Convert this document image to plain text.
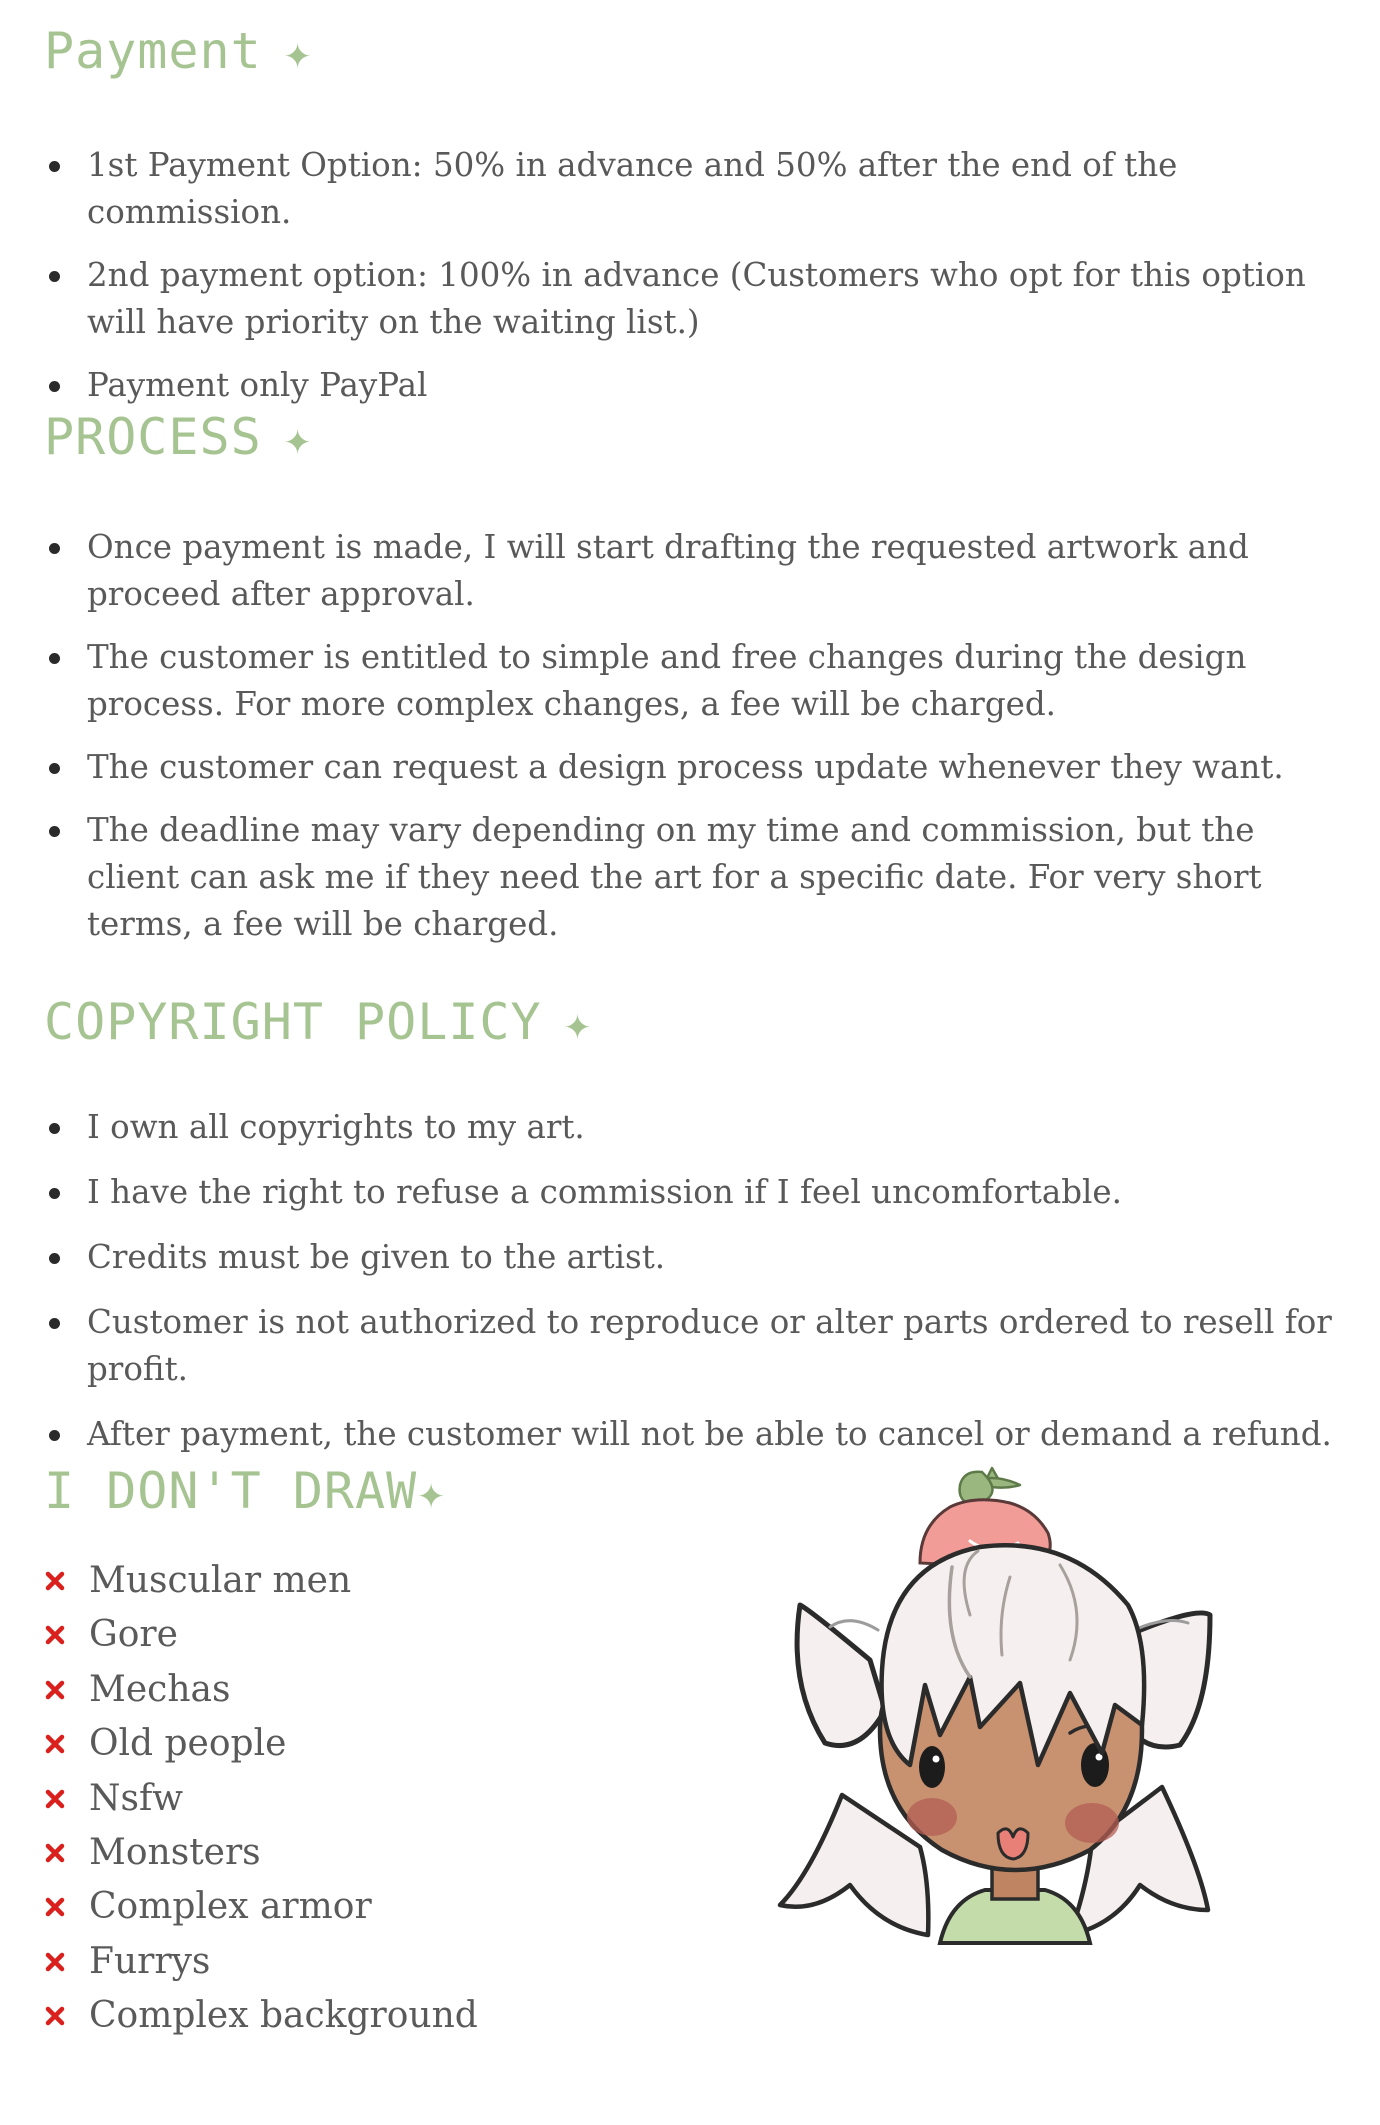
Payment ✦
1st Payment Option: 50% in advance and 50% after the end of the commission.
2nd payment option: 100% in advance (Customers who opt for this option will have priority on the waiting list.)
Payment only PayPal
PROCESS ✦
Once payment is made, I will start drafting the requested artwork and proceed after approval.
The customer is entitled to simple and free changes during the design process. For more complex changes, a fee will be charged.
The customer can request a design process update whenever they want.
The deadline may vary depending on my time and commission, but the client can ask me if they need the art for a specific date. For very short terms, a fee will be charged.
COPYRIGHT POLICY ✦
I own all copyrights to my art.
I have the right to refuse a commission if I feel uncomfortable.
Credits must be given to the artist.
Customer is not authorized to reproduce or alter parts ordered to resell for profit.
After payment, the customer will not be able to cancel or demand a refund.
I DON'T DRAW✦
Muscular men
Gore
Mechas
Old people
Nsfw
Monsters
Complex armor
Furrys
Complex background
